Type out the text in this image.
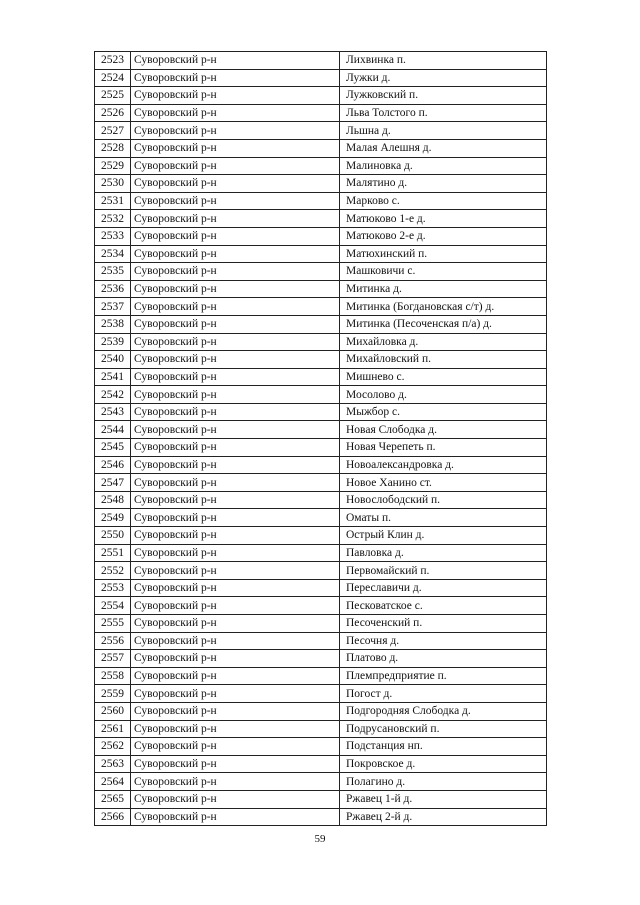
2523	Суворовский р-н	Лихвинка п.
2524	Суворовский р-н	Лужки д.
2525	Суворовский р-н	Лужковский п.
2526	Суворовский р-н	Льва Толстого п.
2527	Суворовский р-н	Льшна д.
2528	Суворовский р-н	Малая Алешня д.
2529	Суворовский р-н	Малиновка д.
2530	Суворовский р-н	Малятино д.
2531	Суворовский р-н	Марково с.
2532	Суворовский р-н	Матюково 1-е д.
2533	Суворовский р-н	Матюково 2-е д.
2534	Суворовский р-н	Матюхинский п.
2535	Суворовский р-н	Машковичи с.
2536	Суворовский р-н	Митинка д.
2537	Суворовский р-н	Митинка (Богдановская с/т) д.
2538	Суворовский р-н	Митинка (Песоченская п/а) д.
2539	Суворовский р-н	Михайловка д.
2540	Суворовский р-н	Михайловский п.
2541	Суворовский р-н	Мишнево с.
2542	Суворовский р-н	Мосолово д.
2543	Суворовский р-н	Мыжбор с.
2544	Суворовский р-н	Новая Слободка д.
2545	Суворовский р-н	Новая Черепеть п.
2546	Суворовский р-н	Новоалександровка д.
2547	Суворовский р-н	Новое Ханино ст.
2548	Суворовский р-н	Новослободский п.
2549	Суворовский р-н	Оматы п.
2550	Суворовский р-н	Острый Клин д.
2551	Суворовский р-н	Павловка д.
2552	Суворовский р-н	Первомайский п.
2553	Суворовский р-н	Переславичи д.
2554	Суворовский р-н	Песковатское с.
2555	Суворовский р-н	Песоченский п.
2556	Суворовский р-н	Песочня д.
2557	Суворовский р-н	Платово д.
2558	Суворовский р-н	Племпредприятие п.
2559	Суворовский р-н	Погост д.
2560	Суворовский р-н	Подгородняя Слободка д.
2561	Суворовский р-н	Подрусановский п.
2562	Суворовский р-н	Подстанция нп.
2563	Суворовский р-н	Покровское д.
2564	Суворовский р-н	Полагино д.
2565	Суворовский р-н	Ржавец 1-й д.
2566	Суворовский р-н	Ржавец 2-й д.
59
